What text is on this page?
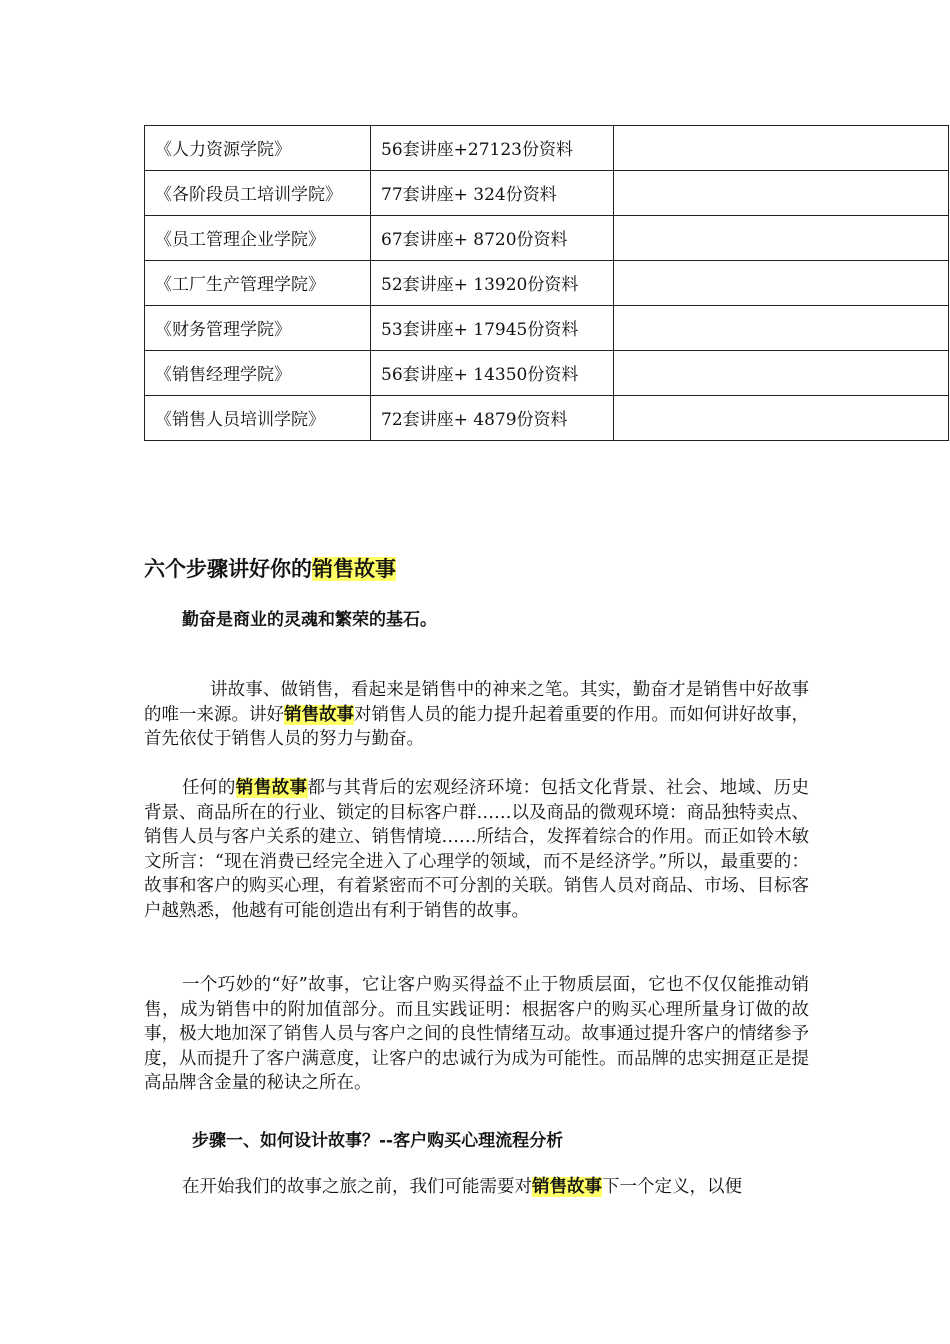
《人力资源学院》	56套讲座+27123份资料	
《各阶段员工培训学院》	77套讲座+ 324份资料	
《员工管理企业学院》	67套讲座+ 8720份资料	
《工厂生产管理学院》	52套讲座+ 13920份资料	
《财务管理学院》	53套讲座+ 17945份资料	
《销售经理学院》	56套讲座+ 14350份资料	
《销售人员培训学院》	72套讲座+ 4879份资料	
六个步骤讲好你的销售故事

勤奋是商业的灵魂和繁荣的基石。

讲故事、做销售，看起来是销售中的神来之笔。其实，勤奋才是销售中好故事的唯一来源。讲好销售故事对销售人员的能力提升起着重要的作用。而如何讲好故事，首先依仗于销售人员的努力与勤奋。

任何的销售故事都与其背后的宏观经济环境：包括文化背景、社会、地域、历史背景、商品所在的行业、锁定的目标客户群……以及商品的微观环境：商品独特卖点、销售人员与客户关系的建立、销售情境……所结合，发挥着综合的作用。而正如铃木敏文所言：“现在消费已经完全进入了心理学的领域，而不是经济学。”所以，最重要的：故事和客户的购买心理，有着紧密而不可分割的关联。销售人员对商品、市场、目标客户越熟悉，他越有可能创造出有利于销售的故事。

一个巧妙的“好”故事，它让客户购买得益不止于物质层面，它也不仅仅能推动销售，成为销售中的附加值部分。而且实践证明：根据客户的购买心理所量身订做的故事，极大地加深了销售人员与客户之间的良性情绪互动。故事通过提升客户的情绪参予度，从而提升了客户满意度，让客户的忠诚行为成为可能性。而品牌的忠实拥趸正是提高品牌含金量的秘诀之所在。

步骤一、如何设计故事？--客户购买心理流程分析

在开始我们的故事之旅之前，我们可能需要对销售故事下一个定义，以便
